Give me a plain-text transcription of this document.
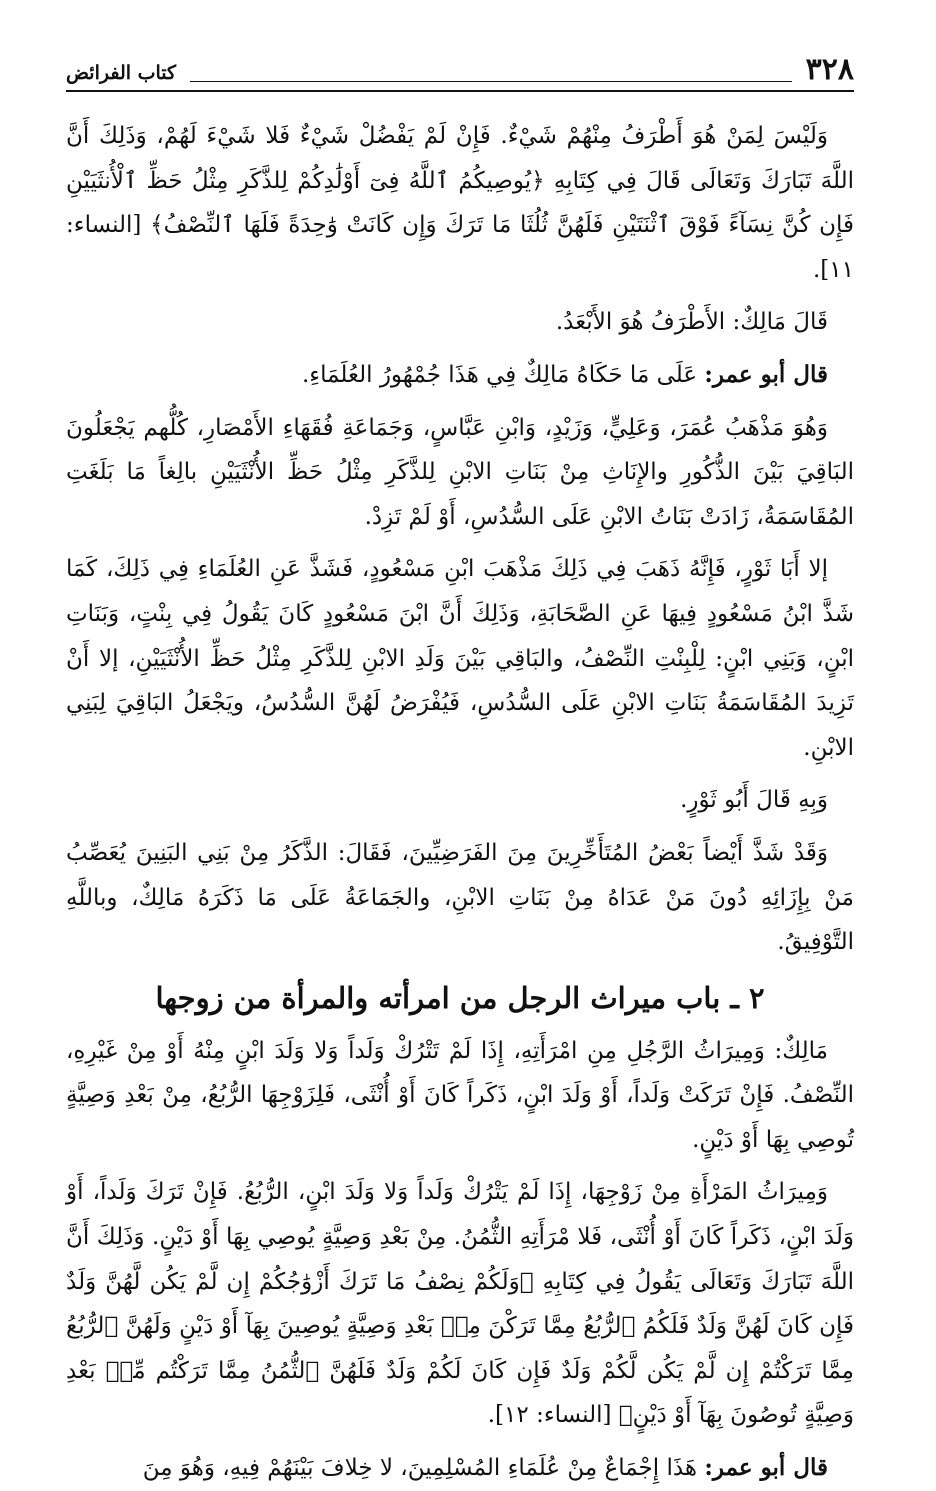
٣٢٨
كتاب الفرائض

وَلَيْسَ لِمَنْ هُوَ أَطْرَفُ مِنْهُمْ شَيْءٌ. فَإِنْ لَمْ يَفْضُلْ شَيْءٌ فَلا شَيْءَ لَهُمْ، وَذَلِكَ أَنَّ اللَّهَ تَبَارَكَ وَتَعَالَى قَالَ فِي كِتَابِهِ ﴿يُوصِيكُمُ ٱللَّهُ فِىٓ أَوْلَٰدِكُمْ لِلذَّكَرِ مِثْلُ حَظِّ ٱلْأُنثَيَيْنِ فَإِن كُنَّ نِسَآءً فَوْقَ ٱثْنَتَيْنِ فَلَهُنَّ ثُلُثَا مَا تَرَكَ وَإِن كَانَتْ وَٰحِدَةً فَلَهَا ٱلنِّصْفُ﴾ [النساء: ١١].

قَالَ مَالِكٌ: الأَطْرَفُ هُوَ الأَبْعَدُ.

قال أبو عمر: عَلَى مَا حَكَاهُ مَالِكٌ فِي هَذَا جُمْهُورُ العُلَمَاءِ.

وَهُوَ مَذْهَبُ عُمَرَ، وَعَلِيٍّ، وَزَيْدٍ، وَابْنِ عَبَّاسٍ، وَجَمَاعَةِ فُقَهَاءِ الأَمْصَارِ، كُلُّهم يَجْعَلُونَ البَاقِيَ بَيْنَ الذُّكُورِ والإِنَاثِ مِنْ بَنَاتِ الابْنِ لِلذَّكَرِ مِثْلُ حَظِّ الأُنْثَيَيْنِ بالِغاً مَا بَلَغَتِ المُقَاسَمَةُ، زَادَتْ بَنَاتُ الابْنِ عَلَى السُّدُسِ، أَوْ لَمْ تَزِدْ.

إلا أَبَا ثَوْرٍ، فَإِنَّهُ ذَهَبَ فِي ذَلِكَ مَذْهَبَ ابْنِ مَسْعُودٍ، فَشَذَّ عَنِ العُلَمَاءِ فِي ذَلِكَ، كَمَا شَذَّ ابْنُ مَسْعُودٍ فِيهَا عَنِ الصَّحَابَةِ، وَذَلِكَ أَنَّ ابْنَ مَسْعُودٍ كَانَ يَقُولُ فِي بِنْتٍ، وَبَنَاتِ ابْنٍ، وَبَنِي ابْنٍ: لِلْبِنْتِ النِّصْفُ، والبَاقِي بَيْنَ وَلَدِ الابْنِ لِلذَّكَرِ مِثْلُ حَظِّ الأُنْثَيَيْنِ، إلا أَنْ تَزِيدَ المُقَاسَمَةُ بَنَاتِ الابْنِ عَلَى السُّدُسِ، فَيُفْرَضُ لَهُنَّ السُّدُسُ، ويَجْعَلُ البَاقِيَ لِبَنِي الابْنِ.

وَبِهِ قَالَ أَبُو ثَوْرٍ.

وَقَدْ شَذَّ أَيْضاً بَعْضُ المُتَأَخِّرِينَ مِنَ الفَرَضِيِّينَ، فَقَالَ: الذَّكَرُ مِنْ بَنِي البَنِينَ يُعَصِّبُ مَنْ بِإِزَائِهِ دُونَ مَنْ عَدَاهُ مِنْ بَنَاتِ الابْنِ، والجَمَاعَةُ عَلَى مَا ذَكَرَهُ مَالِكٌ، وباللَّهِ التَّوْفِيقُ.

٢ ـ باب ميراث الرجل من امرأته والمرأة من زوجها

مَالِكٌ: وَمِيرَاثُ الرَّجُلِ مِنِ امْرَأَتِهِ، إِذَا لَمْ تَتْرُكْ وَلَداً وَلا وَلَدَ ابْنٍ مِنْهُ أَوْ مِنْ غَيْرِهِ، النِّصْفُ. فَإِنْ تَرَكَتْ وَلَداً، أَوْ وَلَدَ ابْنٍ، ذَكَراً كَانَ أَوْ أُنْثَى، فَلِزَوْجِهَا الرُّبُعُ، مِنْ بَعْدِ وَصِيَّةٍ تُوصِي بِهَا أَوْ دَيْنٍ.

وَمِيرَاثُ المَرْأَةِ مِنْ زَوْجِهَا، إِذَا لَمْ يَتْرُكْ وَلَداً وَلا وَلَدَ ابْنٍ، الرُّبُعُ. فَإِنْ تَرَكَ وَلَداً، أَوْ وَلَدَ ابْنٍ، ذَكَراً كَانَ أَوْ أُنْثَى، فَلا مْرَأَتِهِ الثُّمُنُ. مِنْ بَعْدِ وَصِيَّةٍ يُوصِي بِهَا أَوْ دَيْنٍ. وَذَلِكَ أَنَّ اللَّهَ تَبَارَكَ وَتَعَالَى يَقُولُ فِي كِتَابِهِ ﴿وَلَكُمْ نِصْفُ مَا تَرَكَ أَزْوَٰجُكُمْ إِن لَّمْ يَكُن لَّهُنَّ وَلَدٌ فَإِن كَانَ لَهُنَّ وَلَدٌ فَلَكُمُ ٱلرُّبُعُ مِمَّا تَرَكْنَ مِنۢ بَعْدِ وَصِيَّةٍ يُوصِينَ بِهَآ أَوْ دَيْنٍ وَلَهُنَّ ٱلرُّبُعُ مِمَّا تَرَكْتُمْ إِن لَّمْ يَكُن لَّكُمْ وَلَدٌ فَإِن كَانَ لَكُمْ وَلَدٌ فَلَهُنَّ ٱلثُّمُنُ مِمَّا تَرَكْتُم مِّنۢ بَعْدِ وَصِيَّةٍ تُوصُونَ بِهَآ أَوْ دَيْنٍ﴾ [النساء: ١٢].

قال أبو عمر: هَذَا إِجْمَاعٌ مِنْ عُلَمَاءِ المُسْلِمِينَ، لا خِلافَ بَيْنَهُمْ فِيهِ، وَهُوَ مِنَ
